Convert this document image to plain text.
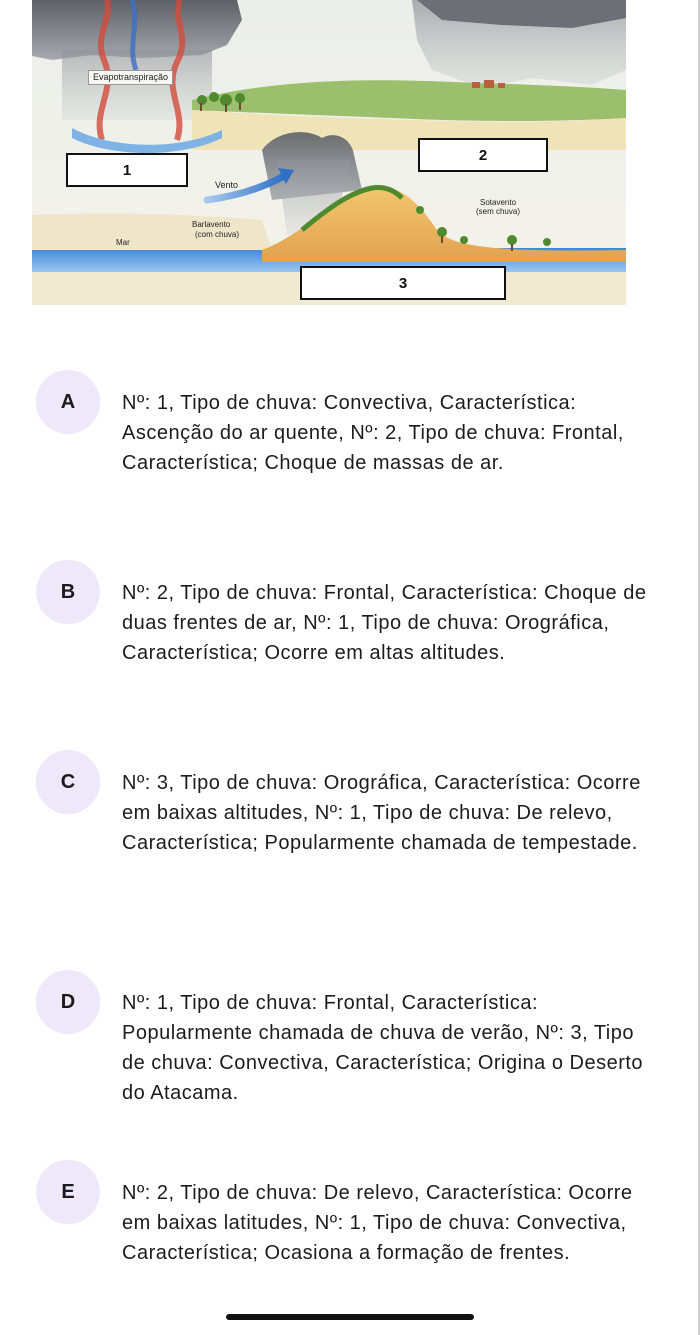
Evapotranspiração
Vento
Barlavento
(com chuva)
Mar
Sotavento
(sem chuva)
1
2
3
A	Nº: 1, Tipo de chuva: Convectiva, Característica: Ascenção do ar quente, Nº: 2, Tipo de chuva: Frontal, Característica; Choque de massas de ar.
B	Nº: 2, Tipo de chuva: Frontal, Característica: Choque de duas frentes de ar, Nº: 1, Tipo de chuva: Orográfica, Característica; Ocorre em altas altitudes.
C	Nº: 3, Tipo de chuva: Orográfica, Característica: Ocorre em baixas altitudes, Nº: 1, Tipo de chuva: De relevo, Característica; Popularmente chamada de tempestade.
D	Nº: 1, Tipo de chuva: Frontal, Característica: Popularmente chamada de chuva de verão, Nº: 3, Tipo de chuva: Convectiva, Característica; Origina o Deserto do Atacama.
E	Nº: 2, Tipo de chuva: De relevo, Característica: Ocorre em baixas latitudes, Nº: 1, Tipo de chuva: Convectiva, Característica; Ocasiona a formação de frentes.
